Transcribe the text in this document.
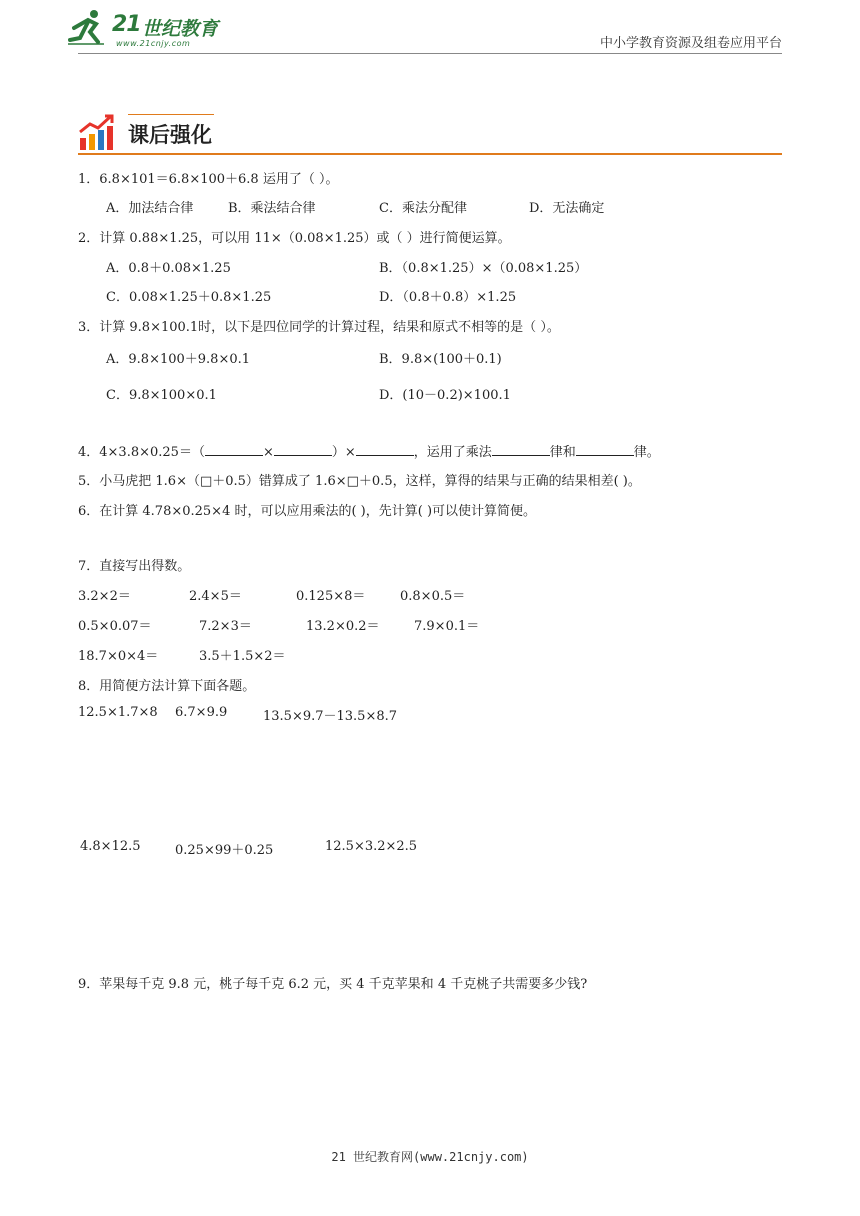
21 世纪教育
www.21cnjy.com	中小学教育资源及组卷应用平台
课后强化
1．6.8×101＝6.8×100＋6.8 运用了（ ）。
A．加法结合律	B．乘法结合律	C．乘法分配律	D．无法确定
2．计算 0.88×1.25，可以用 11×（0.08×1.25）或（ ）进行简便运算。
A．0.8＋0.08×1.25	B．（0.8×1.25）×（0.08×1.25）
C．0.08×1.25＋0.8×1.25	D．（0.8＋0.8）×1.25
3．计算 9.8×100.1时，以下是四位同学的计算过程，结果和原式不相等的是（ ）。
A．9.8×100＋9.8×0.1	B．9.8×(100＋0.1)
C．9.8×100×0.1	D．(10－0.2)×100.1
4．4×3.8×0.25＝（	×	）×	，运用了乘法	律和	律。
5．小马虎把 1.6×（□＋0.5）错算成了 1.6×□＋0.5，这样，算得的结果与正确的结果相差( )。
6．在计算 4.78×0.25×4 时，可以应用乘法的( )，先计算( )可以使计算简便。
7．直接写出得数。
3.2×2＝	2.4×5＝	0.125×8＝	0.8×0.5＝
0.5×0.07＝	7.2×3＝	13.2×0.2＝	7.9×0.1＝
18.7×0×4＝	3.5＋1.5×2＝
8．用简便方法计算下面各题。
12.5×1.7×8 6.7×9.9	13.5×9.7－13.5×8.7
4.8×12.5	0.25×99＋0.25	12.5×3.2×2.5
9．苹果每千克 9.8 元，桃子每千克 6.2 元，买 4 千克苹果和 4 千克桃子共需要多少钱?
21 世纪教育网(www.21cnjy.com)
